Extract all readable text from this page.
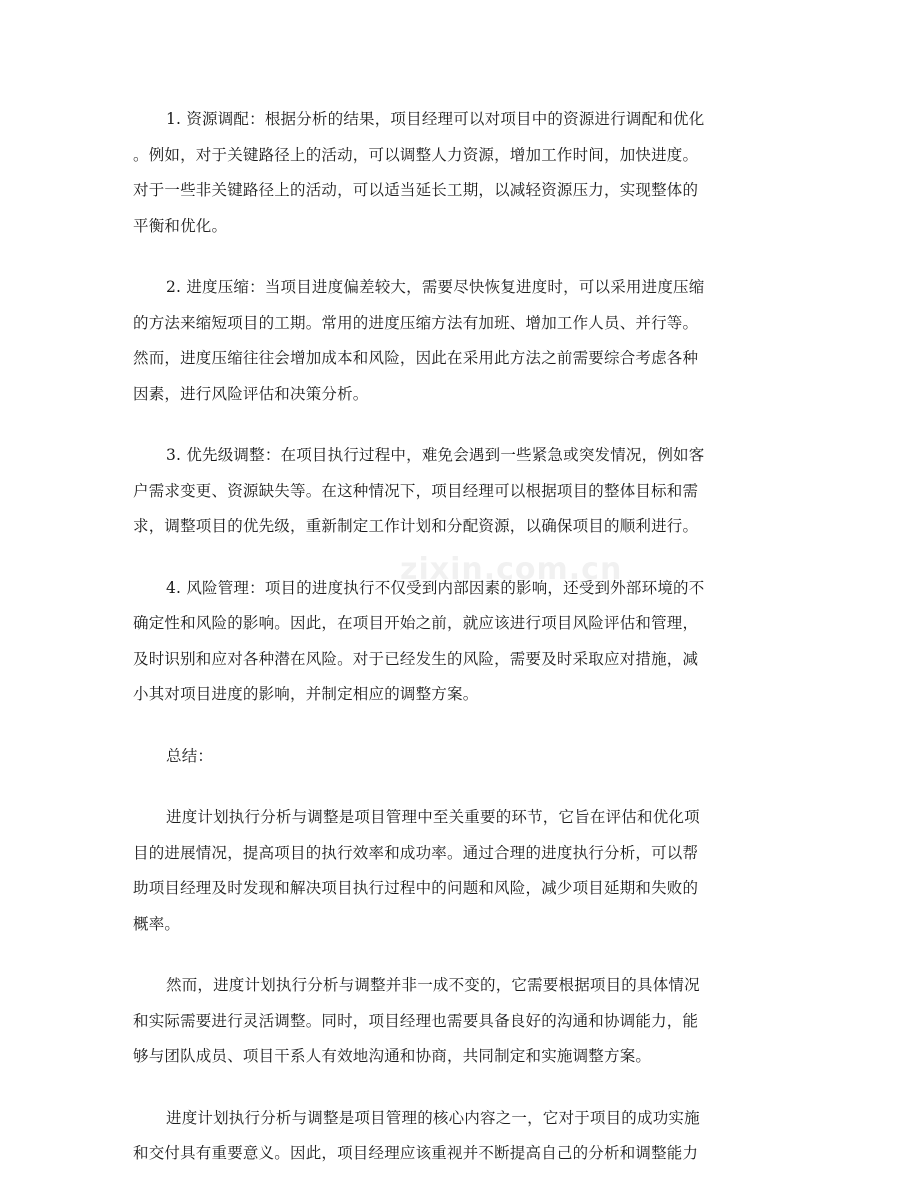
zixin.com.cn

1. 资源调配：根据分析的结果，项目经理可以对项目中的资源进行调配和优化
。例如，对于关键路径上的活动，可以调整人力资源，增加工作时间，加快进度。
对于一些非关键路径上的活动，可以适当延长工期，以减轻资源压力，实现整体的
平衡和优化。

2. 进度压缩：当项目进度偏差较大，需要尽快恢复进度时，可以采用进度压缩
的方法来缩短项目的工期。常用的进度压缩方法有加班、增加工作人员、并行等。
然而，进度压缩往往会增加成本和风险，因此在采用此方法之前需要综合考虑各种
因素，进行风险评估和决策分析。

3. 优先级调整：在项目执行过程中，难免会遇到一些紧急或突发情况，例如客
户需求变更、资源缺失等。在这种情况下，项目经理可以根据项目的整体目标和需
求，调整项目的优先级，重新制定工作计划和分配资源，以确保项目的顺利进行。

4. 风险管理：项目的进度执行不仅受到内部因素的影响，还受到外部环境的不
确定性和风险的影响。因此，在项目开始之前，就应该进行项目风险评估和管理，
及时识别和应对各种潜在风险。对于已经发生的风险，需要及时采取应对措施，减
小其对项目进度的影响，并制定相应的调整方案。

总结：

进度计划执行分析与调整是项目管理中至关重要的环节，它旨在评估和优化项
目的进展情况，提高项目的执行效率和成功率。通过合理的进度执行分析，可以帮
助项目经理及时发现和解决项目执行过程中的问题和风险，减少项目延期和失败的
概率。

然而，进度计划执行分析与调整并非一成不变的，它需要根据项目的具体情况
和实际需要进行灵活调整。同时，项目经理也需要具备良好的沟通和协调能力，能
够与团队成员、项目干系人有效地沟通和协商，共同制定和实施调整方案。

进度计划执行分析与调整是项目管理的核心内容之一，它对于项目的成功实施
和交付具有重要意义。因此，项目经理应该重视并不断提高自己的分析和调整能力
